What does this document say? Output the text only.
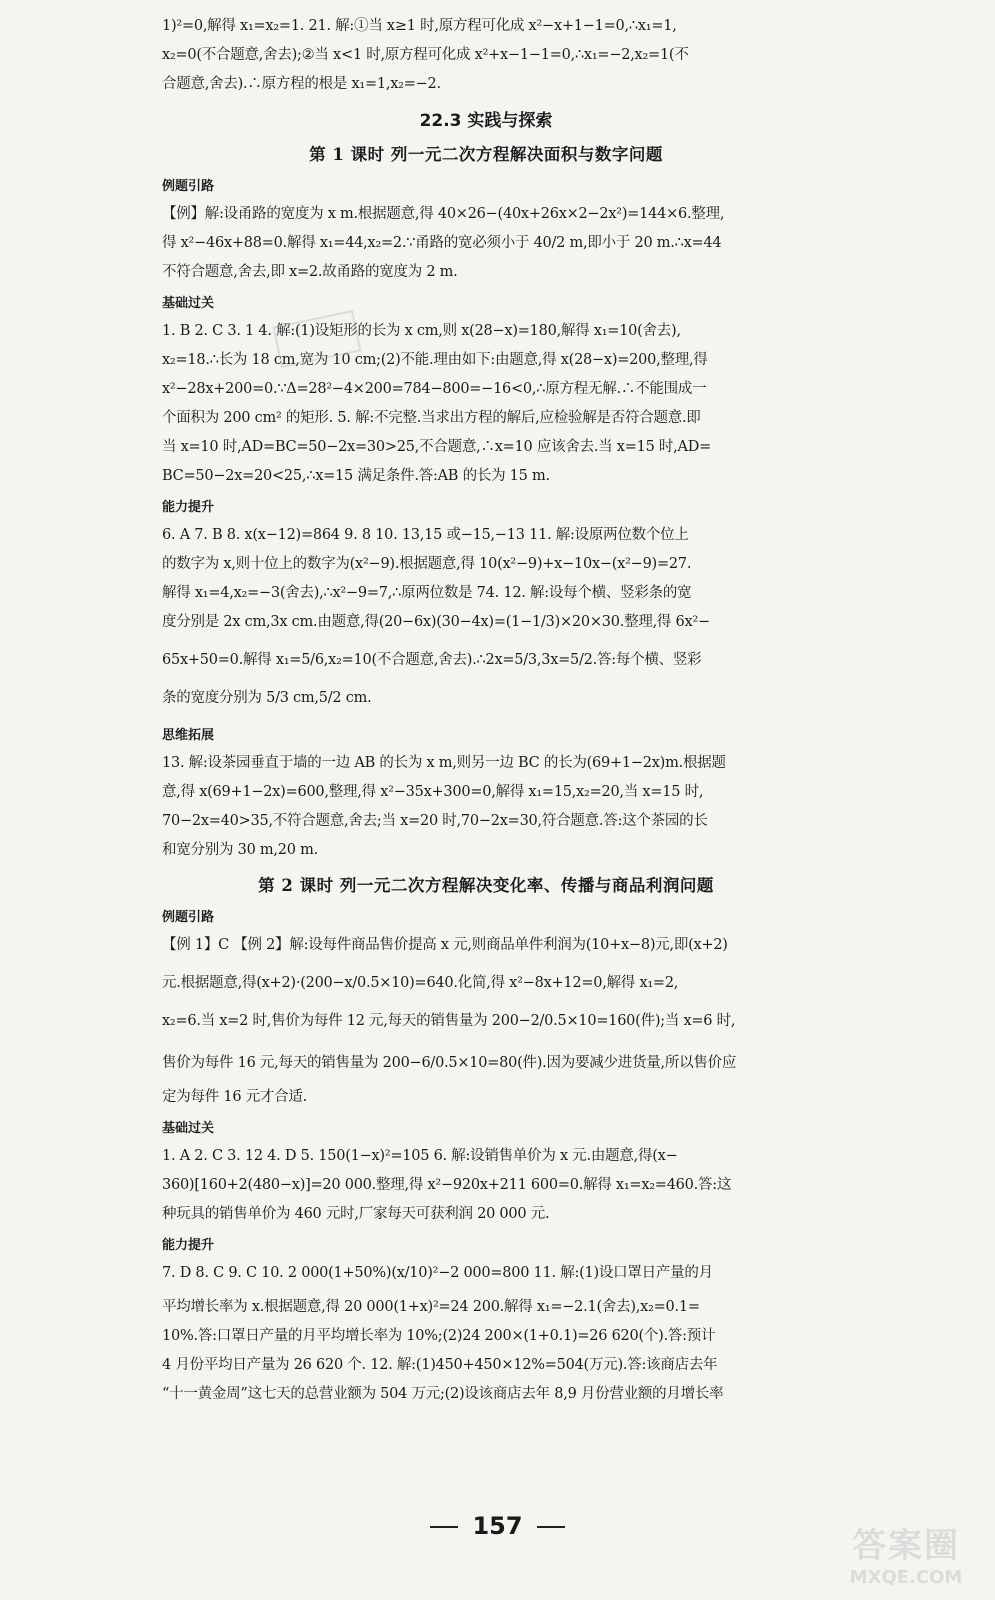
1)²=0,解得 x₁=x₂=1. 21. 解:①当 x≥1 时,原方程可化成 x²−x+1−1=0,∴x₁=1,

x₂=0(不合题意,舍去);②当 x<1 时,原方程可化成 x²+x−1−1=0,∴x₁=−2,x₂=1(不

合题意,舍去).∴原方程的根是 x₁=1,x₂=−2.

22.3 实践与探索
第 1 课时 列一元二次方程解决面积与数字问题
例题引路

【例】解:设甬路的宽度为 x m.根据题意,得 40×26−(40x+26x×2−2x²)=144×6.整理,

得 x²−46x+88=0.解得 x₁=44,x₂=2.∵甬路的宽必须小于 40/2 m,即小于 20 m.∴x=44

不符合题意,舍去,即 x=2.故甬路的宽度为 2 m.

基础过关

1. B 2. C 3. 1 4. 解:(1)设矩形的长为 x cm,则 x(28−x)=180,解得 x₁=10(舍去),

x₂=18.∴长为 18 cm,宽为 10 cm;(2)不能.理由如下:由题意,得 x(28−x)=200,整理,得

x²−28x+200=0.∵Δ=28²−4×200=784−800=−16<0,∴原方程无解.∴不能围成一

个面积为 200 cm² 的矩形. 5. 解:不完整.当求出方程的解后,应检验解是否符合题意.即

当 x=10 时,AD=BC=50−2x=30>25,不合题意,∴x=10 应该舍去.当 x=15 时,AD=

BC=50−2x=20<25,∴x=15 满足条件.答:AB 的长为 15 m.

能力提升

6. A 7. B 8. x(x−12)=864 9. 8 10. 13,15 或−15,−13 11. 解:设原两位数个位上

的数字为 x,则十位上的数字为(x²−9).根据题意,得 10(x²−9)+x−10x−(x²−9)=27.

解得 x₁=4,x₂=−3(舍去),∴x²−9=7,∴原两位数是 74. 12. 解:设每个横、竖彩条的宽

度分别是 2x cm,3x cm.由题意,得(20−6x)(30−4x)=(1−1/3)×20×30.整理,得 6x²−

65x+50=0.解得 x₁=5/6,x₂=10(不合题意,舍去).∴2x=5/3,3x=5/2.答:每个横、竖彩

条的宽度分别为 5/3 cm,5/2 cm.

思维拓展

13. 解:设茶园垂直于墙的一边 AB 的长为 x m,则另一边 BC 的长为(69+1−2x)m.根据题

意,得 x(69+1−2x)=600,整理,得 x²−35x+300=0,解得 x₁=15,x₂=20,当 x=15 时,

70−2x=40>35,不符合题意,舍去;当 x=20 时,70−2x=30,符合题意.答:这个茶园的长

和宽分别为 30 m,20 m.

第 2 课时 列一元二次方程解决变化率、传播与商品利润问题
例题引路

【例 1】C 【例 2】解:设每件商品售价提高 x 元,则商品单件利润为(10+x−8)元,即(x+2)

元.根据题意,得(x+2)·(200−x/0.5×10)=640.化简,得 x²−8x+12=0,解得 x₁=2,

x₂=6.当 x=2 时,售价为每件 12 元,每天的销售量为 200−2/0.5×10=160(件);当 x=6 时,

售价为每件 16 元,每天的销售量为 200−6/0.5×10=80(件).因为要减少进货量,所以售价应

定为每件 16 元才合适.

基础过关

1. A 2. C 3. 12 4. D 5. 150(1−x)²=105 6. 解:设销售单价为 x 元.由题意,得(x−

360)[160+2(480−x)]=20 000.整理,得 x²−920x+211 600=0.解得 x₁=x₂=460.答:这

种玩具的销售单价为 460 元时,厂家每天可获利润 20 000 元.

能力提升

7. D 8. C 9. C 10. 2 000(1+50%)(x/10)²−2 000=800 11. 解:(1)设口罩日产量的月

平均增长率为 x.根据题意,得 20 000(1+x)²=24 200.解得 x₁=−2.1(舍去),x₂=0.1=

10%.答:口罩日产量的月平均增长率为 10%;(2)24 200×(1+0.1)=26 620(个).答:预计

4 月份平均日产量为 26 620 个. 12. 解:(1)450+450×12%=504(万元).答:该商店去年

“十一黄金周”这七天的总营业额为 504 万元;(2)设该商店去年 8,9 月份营业额的月增长率

157	答案圈
MXQE.COM
